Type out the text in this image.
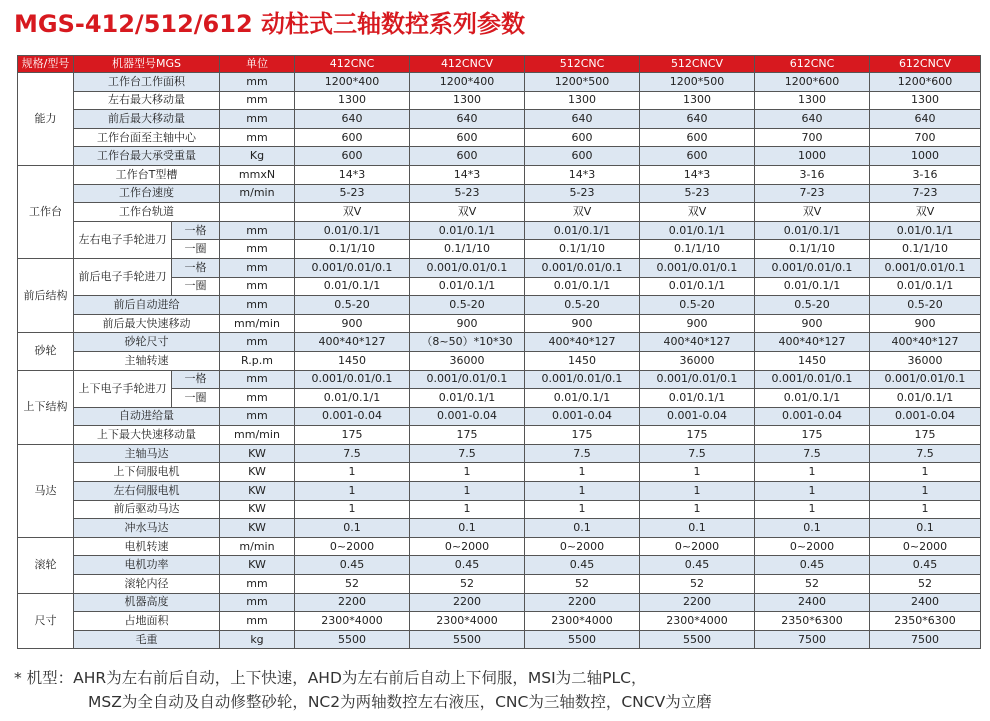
MGS-412/512/612 动柱式三轴数控系列参数
规格/型号	机器型号MGS		单位	412CNC	412CNCV	512CNC	512CNCV	612CNC	612CNCV
能力	工作台工作面积		mm	1200*400	1200*400	1200*500	1200*500	1200*600	1200*600
	左右最大移动量		mm	1300	1300	1300	1300	1300	1300
	前后最大移动量		mm	640	640	640	640	640	640
	工作台面至主轴中心		mm	600	600	600	600	700	700
	工作台最大承受重量		Kg	600	600	600	600	1000	1000
工作台	工作台T型槽		mmxN	14*3	14*3	14*3	14*3	3-16	3-16
	工作台速度		m/min	5-23	5-23	5-23	5-23	7-23	7-23
	工作台轨道			双V	双V	双V	双V	双V	双V
	左右电子手轮进刀	一格	mm	0.01/0.1/1	0.01/0.1/1	0.01/0.1/1	0.01/0.1/1	0.01/0.1/1	0.01/0.1/1
		一圈	mm	0.1/1/10	0.1/1/10	0.1/1/10	0.1/1/10	0.1/1/10	0.1/1/10
前后结构	前后电子手轮进刀	一格	mm	0.001/0.01/0.1	0.001/0.01/0.1	0.001/0.01/0.1	0.001/0.01/0.1	0.001/0.01/0.1	0.001/0.01/0.1
		一圈	mm	0.01/0.1/1	0.01/0.1/1	0.01/0.1/1	0.01/0.1/1	0.01/0.1/1	0.01/0.1/1
	前后自动进给		mm	0.5-20	0.5-20	0.5-20	0.5-20	0.5-20	0.5-20
	前后最大快速移动		mm/min	900	900	900	900	900	900
砂轮	砂轮尺寸		mm	400*40*127	（8~50）*10*30	400*40*127	400*40*127	400*40*127	400*40*127
	主轴转速		R.p.m	1450	36000	1450	36000	1450	36000
上下结构	上下电子手轮进刀	一格	mm	0.001/0.01/0.1	0.001/0.01/0.1	0.001/0.01/0.1	0.001/0.01/0.1	0.001/0.01/0.1	0.001/0.01/0.1
		一圈	mm	0.01/0.1/1	0.01/0.1/1	0.01/0.1/1	0.01/0.1/1	0.01/0.1/1	0.01/0.1/1
	自动进给量		mm	0.001-0.04	0.001-0.04	0.001-0.04	0.001-0.04	0.001-0.04	0.001-0.04
	上下最大快速移动量		mm/min	175	175	175	175	175	175
马达	主轴马达		KW	7.5	7.5	7.5	7.5	7.5	7.5
	上下伺服电机		KW	1	1	1	1	1	1
	左右伺服电机		KW	1	1	1	1	1	1
	前后驱动马达		KW	1	1	1	1	1	1
	冲水马达		KW	0.1	0.1	0.1	0.1	0.1	0.1
滚轮	电机转速		m/min	0~2000	0~2000	0~2000	0~2000	0~2000	0~2000
	电机功率		KW	0.45	0.45	0.45	0.45	0.45	0.45
	滚轮内径		mm	52	52	52	52	52	52
尺寸	机器高度		mm	2200	2200	2200	2200	2400	2400
	占地面积		mm	2300*4000	2300*4000	2300*4000	2300*4000	2350*6300	2350*6300
	毛重		kg	5500	5500	5500	5500	7500	7500
* 机型：AHR为左右前后自动，上下快速，AHD为左右前后自动上下伺服，MSI为二轴PLC，
MSZ为全自动及自动修整砂轮，NC2为两轴数控左右液压，CNC为三轴数控，CNCV为立磨
